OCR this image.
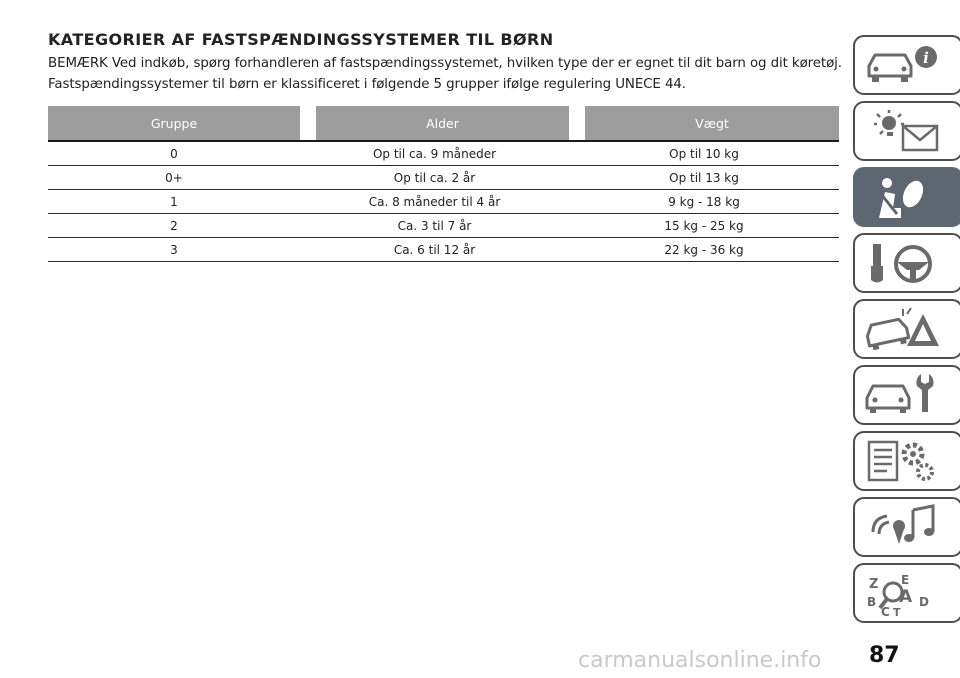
KATEGORIER AF FASTSPÆNDINGSSYSTEMER TIL BØRN

BEMÆRK Ved indkøb, spørg forhandleren af fastspændingssystemet, hvilken type der er egnet til dit barn og dit køretøj.

Fastspændingssystemer til børn er klassificeret i følgende 5 grupper ifølge regulering UNECE 44.

Gruppe	Alder	Vægt
0	Op til ca. 9 måneder	Op til 10 kg
0+	Op til ca. 2 år	Op til 13 kg
1	Ca. 8 måneder til 4 år	9 kg - 18 kg
2	Ca. 3 til 7 år	15 kg - 25 kg
3	Ca. 6 til 12 år	22 kg - 36 kg
i
Z E
B A
C
D
T

87

carmanualsonline.info
